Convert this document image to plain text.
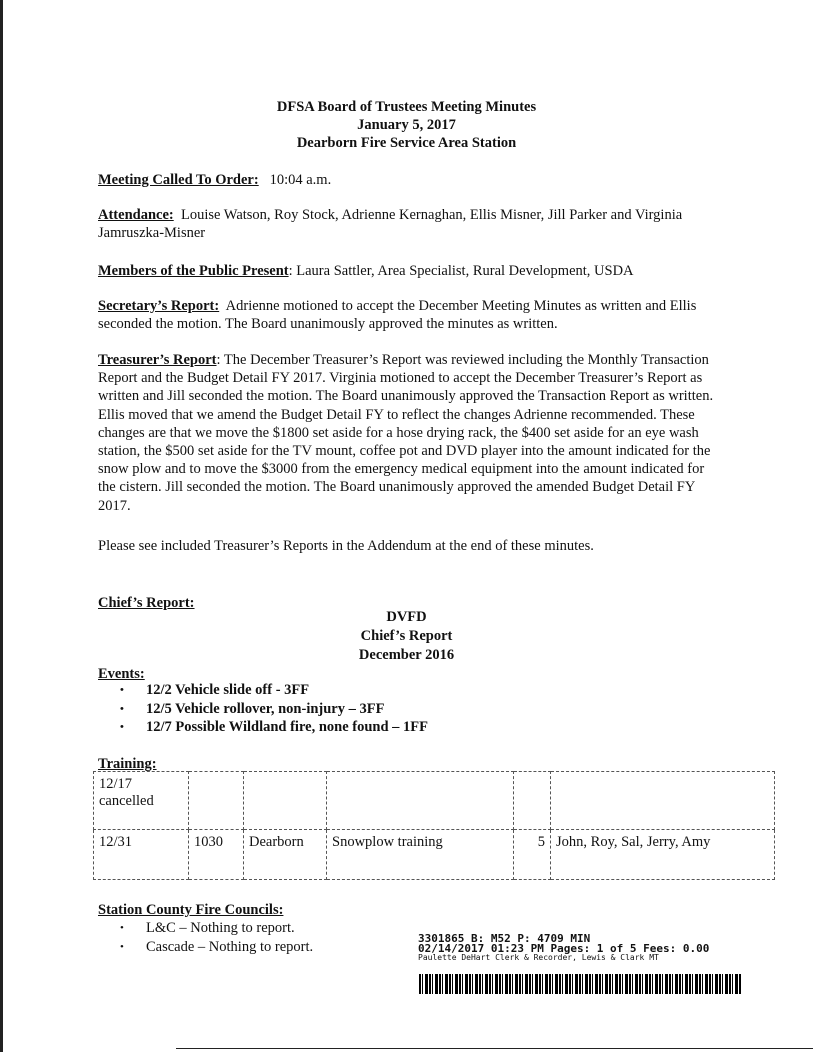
DFSA Board of Trustees Meeting Minutes
January 5, 2017
Dearborn Fire Service Area Station
Meeting Called To Order: 10:04 a.m.
Attendance: Louise Watson, Roy Stock, Adrienne Kernaghan, Ellis Misner, Jill Parker and Virginia Jamruszka-Misner
Members of the Public Present: Laura Sattler, Area Specialist, Rural Development, USDA
Secretary’s Report: Adrienne motioned to accept the December Meeting Minutes as written and Ellis seconded the motion. The Board unanimously approved the minutes as written.
Treasurer’s Report: The December Treasurer’s Report was reviewed including the Monthly Transaction Report and the Budget Detail FY 2017. Virginia motioned to accept the December Treasurer’s Report as written and Jill seconded the motion. The Board unanimously approved the Transaction Report as written. Ellis moved that we amend the Budget Detail FY to reflect the changes Adrienne recommended. These changes are that we move the $1800 set aside for a hose drying rack, the $400 set aside for an eye wash station, the $500 set aside for the TV mount, coffee pot and DVD player into the amount indicated for the snow plow and to move the $3000 from the emergency medical equipment into the amount indicated for the cistern. Jill seconded the motion. The Board unanimously approved the amended Budget Detail FY 2017.
Please see included Treasurer’s Reports in the Addendum at the end of these minutes.
Chief’s Report:
DVFD
Chief’s Report
December 2016
Events:
• 12/2 Vehicle slide off - 3FF
• 12/5 Vehicle rollover, non-injury – 3FF
• 12/7 Possible Wildland fire, none found – 1FF
Training:
12/17 cancelled					
12/31	1030	Dearborn	Snowplow training	5	John, Roy, Sal, Jerry, Amy
Station County Fire Councils:
• L&C – Nothing to report.
• Cascade – Nothing to report.	3301865 B: M52 P: 4709 MIN
02/14/2017 01:23 PM Pages: 1 of 5 Fees: 0.00
Paulette DeHart Clerk & Recorder, Lewis & Clark MT
